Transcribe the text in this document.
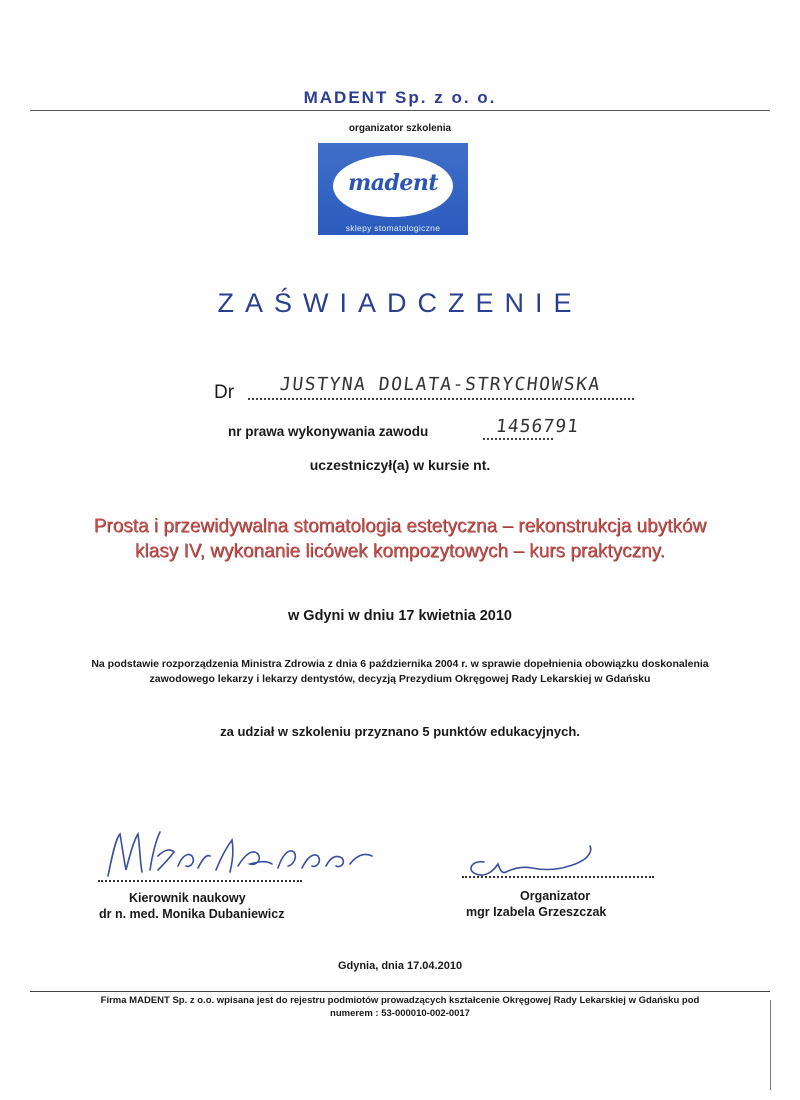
MADENT Sp. z o. o.
organizator szkolenia
madent
sklepy stomatologiczne
ZAŚWIADCZENIE
Dr JUSTYNA DOLATA-STRYCHOWSKA
nr prawa wykonywania zawodu	1456791
uczestniczył(a) w kursie nt.
Prosta i przewidywalna stomatologia estetyczna – rekonstrukcja ubytków klasy IV, wykonanie licówek kompozytowych – kurs praktyczny.
w Gdyni w dniu 17 kwietnia 2010
Na podstawie rozporządzenia Ministra Zdrowia z dnia 6 października 2004 r. w sprawie dopełnienia obowiązku doskonalenia zawodowego lekarzy i lekarzy dentystów, decyzją Prezydium Okręgowej Rady Lekarskiej w Gdańsku
za udział w szkoleniu przyznano 5 punktów edukacyjnych.
Kierownik naukowy
dr n. med. Monika Dubaniewicz
Organizator
mgr Izabela Grzeszczak
Gdynia, dnia 17.04.2010
Firma MADENT Sp. z o.o. wpisana jest do rejestru podmiotów prowadzących kształcenie Okręgowej Rady Lekarskiej w Gdańsku pod numerem : 53-000010-002-0017
